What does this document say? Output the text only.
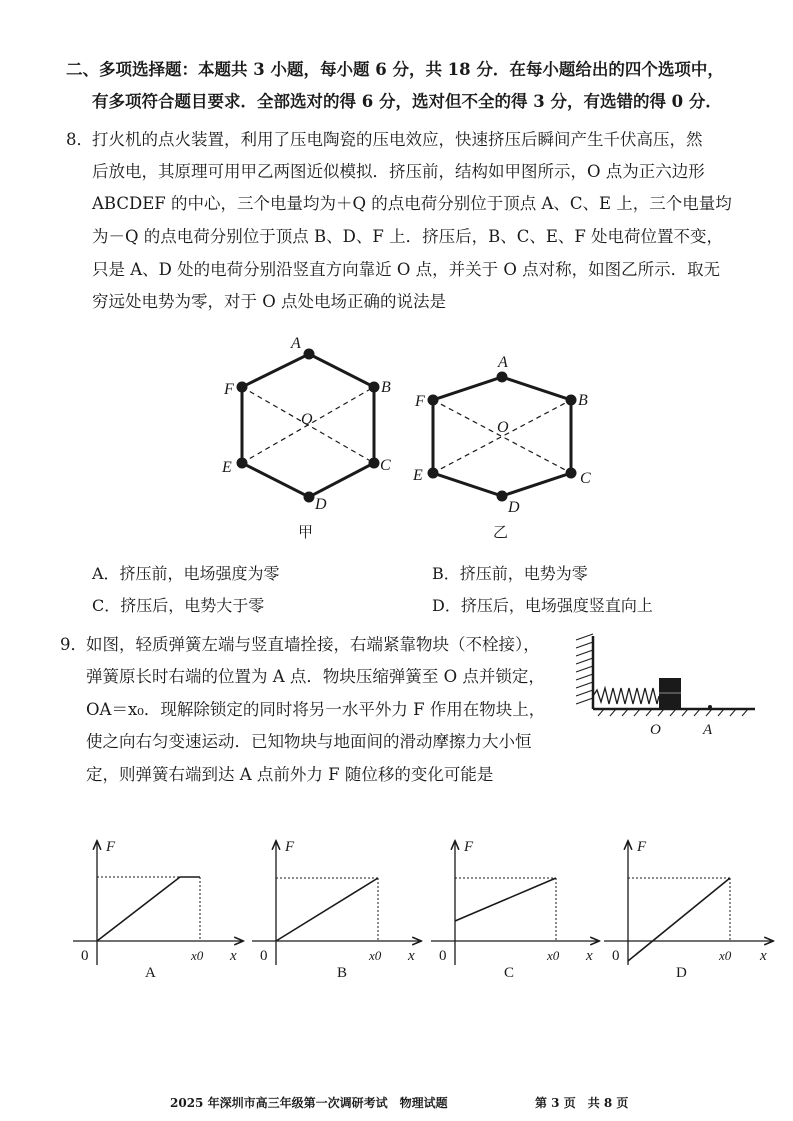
二、多项选择题：本题共 3 小题，每小题 6 分，共 18 分．在每小题给出的四个选项中，
有多项符合题目要求．全部选对的得 6 分，选对但不全的得 3 分，有选错的得 0 分．
8． 打火机的点火装置，利用了压电陶瓷的压电效应，快速挤压后瞬间产生千伏高压，然
后放电，其原理可用甲乙两图近似模拟．挤压前，结构如甲图所示，O 点为正六边形
ABCDEF 的中心，三个电量均为＋Q 的点电荷分别位于顶点 A、C、E 上，三个电量均
为－Q 的点电荷分别位于顶点 B、D、F 上．挤压后，B、C、E、F 处电荷位置不变，
只是 A、D 处的电荷分别沿竖直方向靠近 O 点，并关于 O 点对称，如图乙所示．取无
穷远处电势为零，对于 O 点处电场正确的说法是
A
B
C
D
E
F
O
A
B
C
D
E
F
O
甲	乙
A．挤压前，电场强度为零	B．挤压前，电势为零
C．挤压后，电势大于零	D．挤压后，电场强度竖直向上
9． 如图，轻质弹簧左端与竖直墙拴接，右端紧靠物块（不栓接），
弹簧原长时右端的位置为 A 点．物块压缩弹簧至 O 点并锁定，
OA＝x₀．现解除锁定的同时将另一水平外力 F 作用在物块上，
使之向右匀变速运动．已知物块与地面间的滑动摩擦力大小恒
定，则弹簧右端到达 A 点前外力 F 随位移的变化可能是
O	A
F
x
0	x0
A
F
x
0	x0
B
F
x
0	x0
C
F
x
0	x0
D
2025 年深圳市高三年级第一次调研考试　物理试题	第 3 页　共 8 页
